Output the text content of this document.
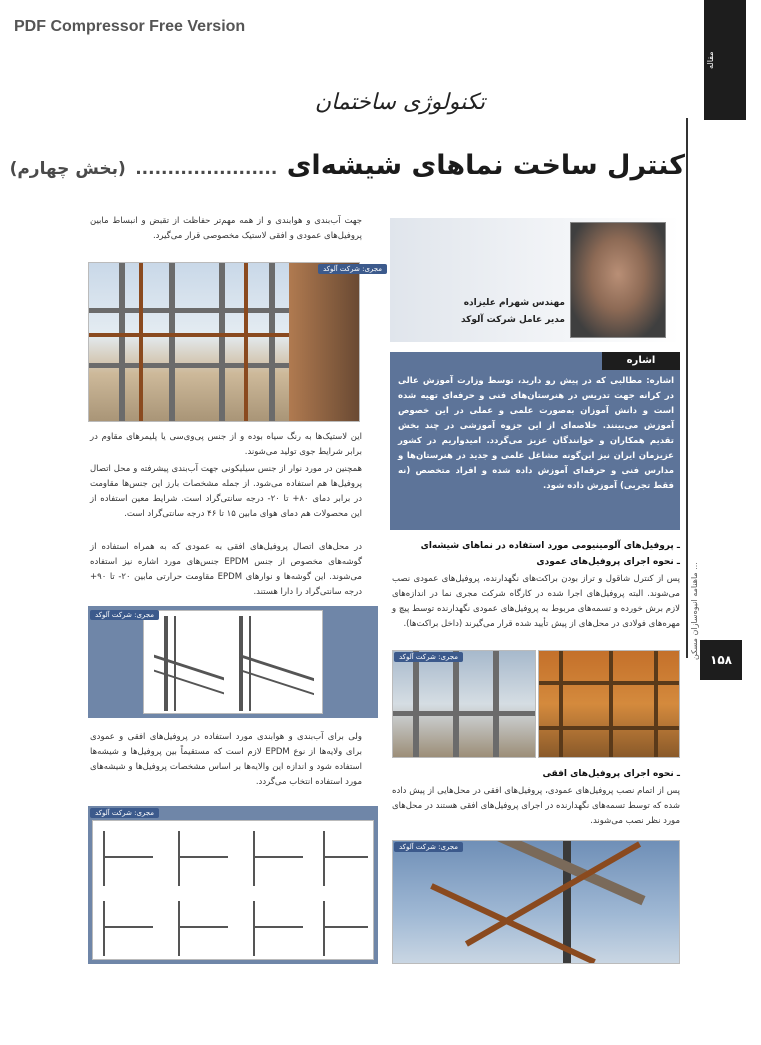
PDF Compressor Free Version
مقاله
ماهنامه انبوه‌سازان مسکن ...
۱۵۸
تکنولوژی ساختمان
کنترل ساخت نماهای شیشه‌ای ...................... (بخش چهارم)
مهندس شهرام علیزاده
مدیر عامل شرکت آلوکد
اشاره
اشاره: مطالبی که در پیش رو دارید، توسط وزارت آموزش عالی در کرانه جهت تدریس در هنرستان‌های فنی و حرفه‌ای تهیه شده است و دانش آموزان به‌صورت علمی و عملی در این خصوص آموزش می‌بینند. خلاصه‌ای از این جزوه آموزشی در چند بخش تقدیم همکاران و خوانندگان عزیز می‌گردد. امیدواریم در کشور عزیزمان ایران نیز این‌گونه مشاغل علمی و جدید در هنرستان‌ها و مدارس فنی و حرفه‌ای آموزش داده شده و افراد متخصص (نه فقط تجربی) آموزش داده شود.
جهت آب‌بندی و هوابندی و از همه مهم‌تر حفاظت از تقبض و انبساط مابین پروفیل‌های عمودی و افقی لاستیک مخصوصی قرار می‌گیرد.
مجری: شرکت آلوکد
این لاستیک‌ها به رنگ سیاه بوده و از جنس پی‌وی‌سی یا پلیمرهای مقاوم در برابر شرایط جوی تولید می‌شوند.
همچنین در مورد نوار از جنس سیلیکونی جهت آب‌بندی پیشرفته و محل اتصال پروفیل‌ها هم استفاده می‌شود. از جمله مشخصات بارز این جنس‌ها مقاومت در برابر دمای ۸۰+ تا ۲۰- درجه سانتی‌گراد است. شرایط معین استفاده از این محصولات هم دمای هوای مابین ۱۵ تا ۴۶ درجه سانتی‌گراد است.
در محل‌های اتصال پروفیل‌های افقی به عمودی که به همراه استفاده از گوشه‌های مخصوص از جنس EPDM جنس‌های مورد اشاره نیز استفاده می‌شوند. این گوشه‌ها و نوارهای EPDM مقاومت حرارتی مابین ۲۰- تا ۹۰+ درجه سانتی‌گراد را دارا هستند.
مجری: شرکت آلوکد
ولی برای آب‌بندی و هوابندی مورد استفاده در پروفیل‌های افقی و عمودی برای ولایه‌ها از نوع EPDM لازم است که مستقیماً بین پروفیل‌ها و شیشه‌ها استفاده شود و اندازه این والایه‌ها بر اساس مشخصات پروفیل‌ها و شیشه‌های مورد استفاده انتخاب می‌گردد.
مجری: شرکت آلوکد
ـ پروفیل‌های آلومینیومی مورد استفاده در نماهای شیشه‌ای
ـ نحوه اجرای پروفیل‌های عمودی
پس از کنترل شاقول و تراز بودن براکت‌های نگهدارنده، پروفیل‌های عمودی نصب می‌شوند. البته پروفیل‌های اجرا شده در کارگاه شرکت مجری نما در اندازه‌های لازم برش خورده و تسمه‌های مربوط به پروفیل‌های عمودی نگهدارنده توسط پیچ و مهره‌های فولادی در محل‌های از پیش تأیید شده قرار می‌گیرند (داخل براکت‌ها).
مجری: شرکت آلوکد
ـ نحوه اجرای پروفیل‌های افقی
پس از اتمام نصب پروفیل‌های عمودی، پروفیل‌های افقی در محل‌هایی از پیش داده شده که توسط تسمه‌های نگهدارنده در اجرای پروفیل‌های افقی هستند در محل‌های مورد نظر نصب می‌شوند.
مجری: شرکت آلوکد
